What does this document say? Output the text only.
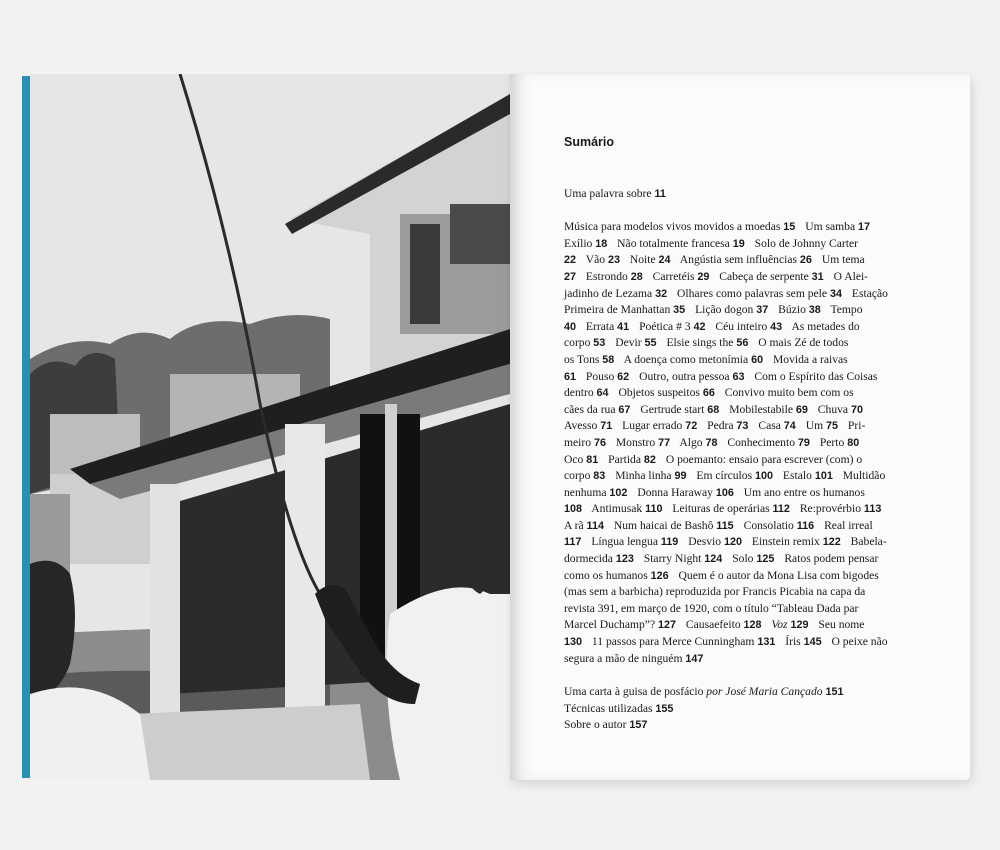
Sumário
Uma palavra sobre 11
Música para modelos vivos movidos a moedas 15 Um samba 17
Exílio 18 Não totalmente francesa 19 Solo de Johnny Carter
22 Vão 23 Noite 24 Angústia sem influências 26 Um tema
27 Estrondo 28 Carretéis 29 Cabeça de serpente 31 O Alei-
jadinho de Lezama 32 Olhares como palavras sem pele 34 Estação
Primeira de Manhattan 35 Lição dogon 37 Búzio 38 Tempo
40 Errata 41 Poética # 3 42 Céu inteiro 43 As metades do
corpo 53 Devir 55 Elsie sings the 56 O mais Zé de todos
os Tons 58 A doença como metonímia 60 Movida a raivas
61 Pouso 62 Outro, outra pessoa 63 Com o Espírito das Coisas
dentro 64 Objetos suspeitos 66 Convivo muito bem com os
cães da rua 67 Gertrude start 68 Mobilestabile 69 Chuva 70
Avesso 71 Lugar errado 72 Pedra 73 Casa 74 Um 75 Pri-
meiro 76 Monstro 77 Algo 78 Conhecimento 79 Perto 80
Oco 81 Partida 82 O poemanto: ensaio para escrever (com) o
corpo 83 Minha linha 99 Em círculos 100 Estalo 101 Multidão
nenhuma 102 Donna Haraway 106 Um ano entre os humanos
108 Antimusak 110 Leituras de operárias 112 Re:provérbio 113
A rã 114 Num haicai de Bashô 115 Consolatio 116 Real irreal
117 Língua lengua 119 Desvio 120 Einstein remix 122 Babela-
dormecida 123 Starry Night 124 Solo 125 Ratos podem pensar
como os humanos 126 Quem é o autor da Mona Lisa com bigodes
(mas sem a barbicha) reproduzida por Francis Picabia na capa da
revista 391, em março de 1920, com o título “Tableau Dada par
Marcel Duchamp”? 127 Causaefeito 128 Voz 129 Seu nome
130 11 passos para Merce Cunningham 131 Íris 145 O peixe não
segura a mão de ninguém 147
Uma carta à guisa de posfácio por José Maria Cançado 151
Técnicas utilizadas 155
Sobre o autor 157
